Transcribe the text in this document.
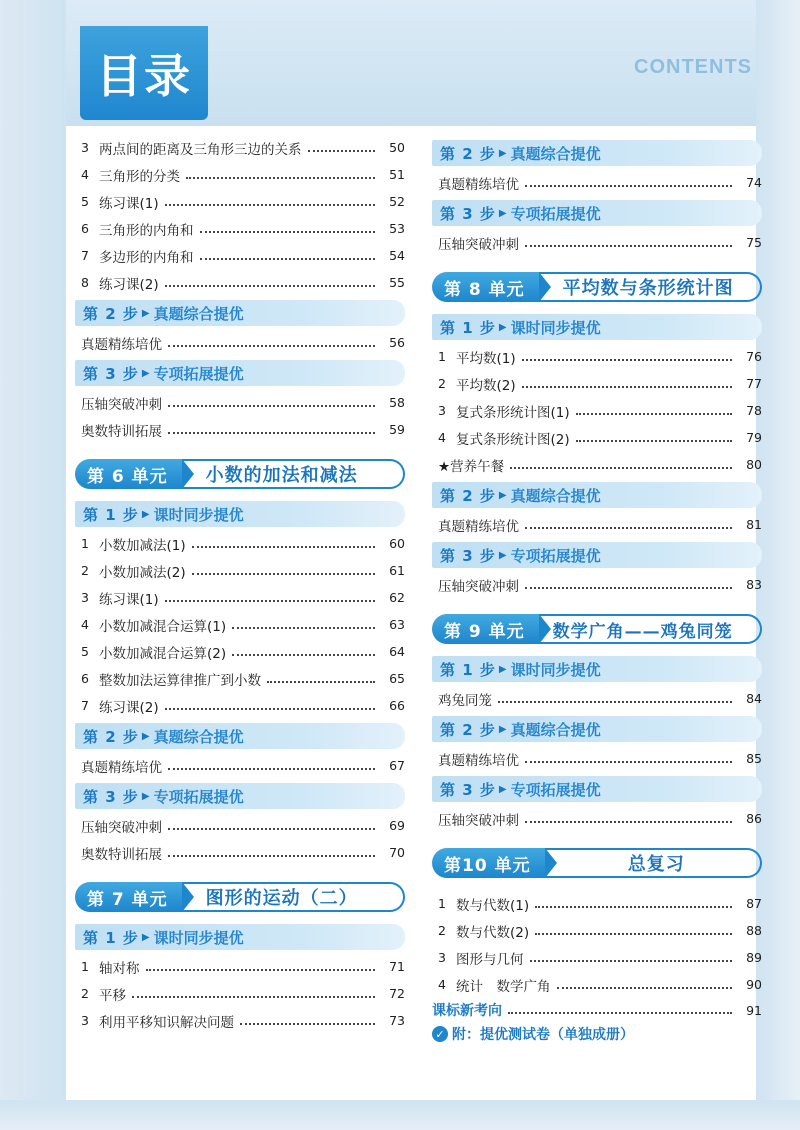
目录	CONTENTS
3 两点间的距离及三角形三边的关系	50
4 三角形的分类	51
5 练习课(1)	52
6 三角形的内角和	53
7 多边形的内角和	54
8 练习课(2)	55
第 2 步 ▶ 真题综合提优
真题精练培优	56
第 3 步 ▶ 专项拓展提优
压轴突破冲刺	58
奥数特训拓展	59
第 6 单元	小数的加法和减法
第 1 步 ▶ 课时同步提优
1 小数加减法(1)	60
2 小数加减法(2)	61
3 练习课(1)	62
4 小数加减混合运算(1)	63
5 小数加减混合运算(2)	64
6 整数加法运算律推广到小数	65
7 练习课(2)	66
第 2 步 ▶ 真题综合提优
真题精练培优	67
第 3 步 ▶ 专项拓展提优
压轴突破冲刺	69
奥数特训拓展	70
第 7 单元	图形的运动（二）
第 1 步 ▶ 课时同步提优
1 轴对称	71
2 平移	72
3 利用平移知识解决问题	73
第 2 步 ▶ 真题综合提优
真题精练培优	74
第 3 步 ▶ 专项拓展提优
压轴突破冲刺	75
第 8 单元	平均数与条形统计图
第 1 步 ▶ 课时同步提优
1 平均数(1)	76
2 平均数(2)	77
3 复式条形统计图(1)	78
4 复式条形统计图(2)	79
★营养午餐	80
第 2 步 ▶ 真题综合提优
真题精练培优	81
第 3 步 ▶ 专项拓展提优
压轴突破冲刺	83
第 9 单元	数学广角——鸡兔同笼
第 1 步 ▶ 课时同步提优
鸡兔同笼	84
第 2 步 ▶ 真题综合提优
真题精练培优	85
第 3 步 ▶ 专项拓展提优
压轴突破冲刺	86
第10 单元	总复习
1 数与代数(1)	87
2 数与代数(2)	88
3 图形与几何	89
4 统计　数学广角	90
课标新考向	91
✓ 附：提优测试卷（单独成册）
